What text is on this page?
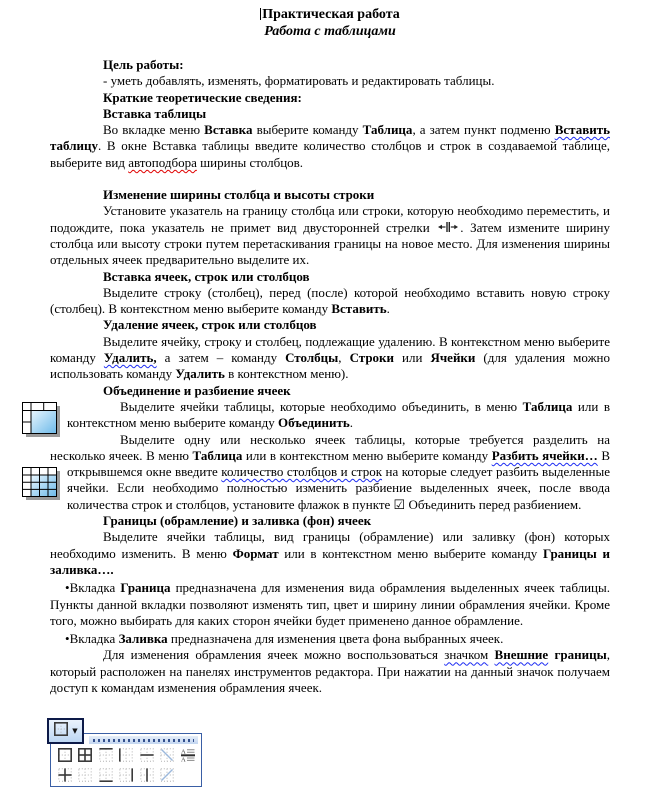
Практическая работа
Работа с таблицами

Цель работы:

- уметь добавлять, изменять, форматировать и редактировать таблицы.

Краткие теоретические сведения:

Вставка таблицы

Во вкладке меню Вставка выберите команду Таблица, а затем пункт подменю Вставить таблицу. В окне Вставка таблицы введите количество столбцов и строк в создаваемой таблице, выберите вид автоподбора ширины столбцов.

Изменение ширины столбца и высоты строки

Установите указатель на границу столбца или строки, которую необходимо переместить, и подождите, пока указатель не примет вид двусторонней стрелки . Затем измените ширину столбца или высоту строки путем перетаскивания границы на новое место. Для изменения ширины отдельных ячеек предварительно выделите их.

Вставка ячеек, строк или столбцов

Выделите строку (столбец), перед (после) которой необходимо вставить новую строку (столбец). В контекстном меню выберите команду Вставить.

Удаление ячеек, строк или столбцов

Выделите ячейку, строку и столбец, подлежащие удалению. В контекстном меню выберите команду Удалить, а затем – команду Столбцы, Строки или Ячейки (для удаления можно использовать команду Удалить в контекстном меню).

Объединение и разбиение ячеек

Выделите ячейки таблицы, которые необходимо объединить, в меню Таблица или в контекстном меню выберите команду Объединить.

Выделите одну или несколько ячеек таблицы, которые требуется разделить на несколько ячеек. В меню Таблица или в контекстном меню выберите команду Разбить ячейки… В открывшемся окне введите количество столбцов и строк на которые следует
разбить выделенные ячейки. Если необходимо полностью изменить разбиение выделенных ячеек, после ввода количества строк и столбцов, установите флажок в пункте ☑ Объединить перед разбиением.

Границы (обрамление) и заливка (фон) ячеек

Выделите ячейки таблицы, вид границы (обрамление) или заливку (фон) которых необходимо изменить. В меню Формат или в контекстном меню выберите команду Границы и заливка….

•Вкладка Граница предназначена для изменения вида обрамления выделенных ячеек таблицы. Пункты данной вкладки позволяют изменять тип, цвет и ширину линии обрамления ячейки. Кроме того, можно выбирать для каких сторон ячейки будет применено данное обрамление.

•Вкладка Заливка предназначена для изменения цвета фона выбранных ячеек.

Для изменения обрамления ячеек можно воспользоваться значком Внешние границы, который расположен на панелях инструментов редактора. При нажатии на данный значок получаем доступ к командам изменения обрамления ячеек.

A
A
▼
